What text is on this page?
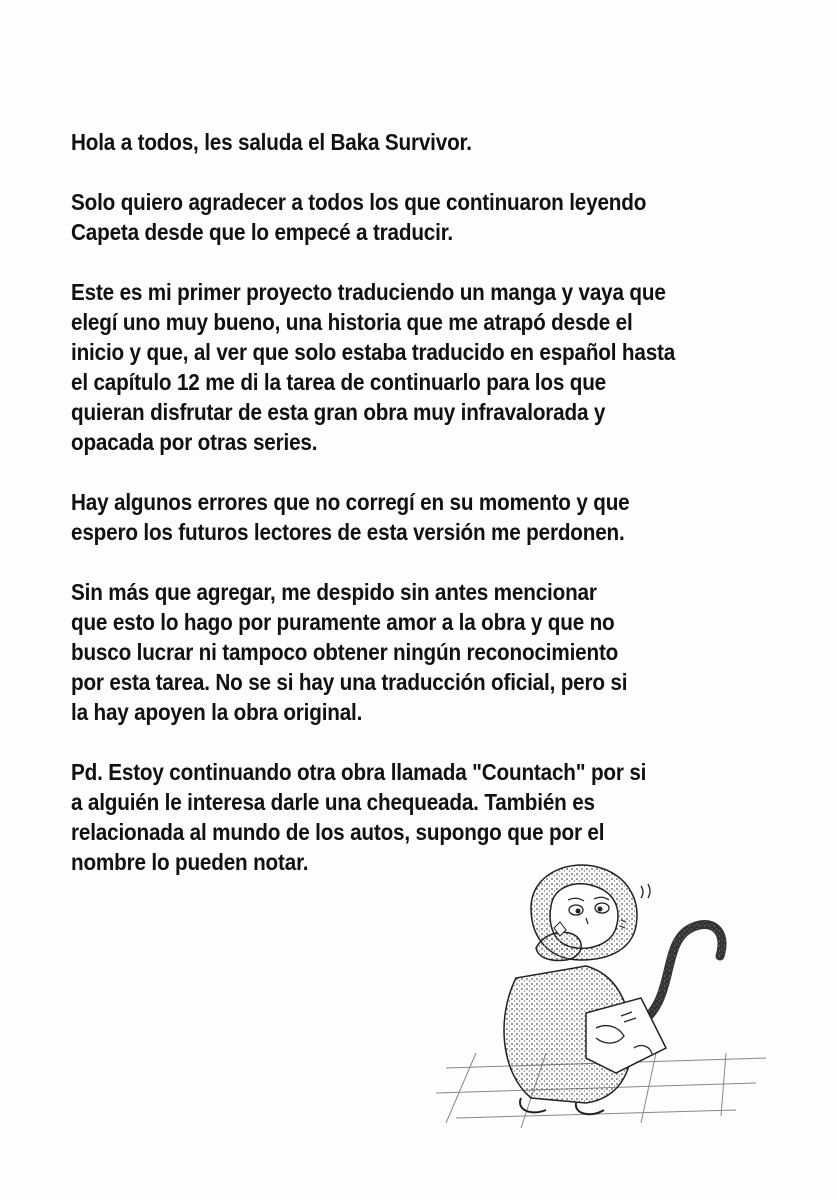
Hola a todos, les saluda el Baka Survivor.

Solo quiero agradecer a todos los que continuaron leyendo
Capeta desde que lo empecé a traducir.

Este es mi primer proyecto traduciendo un manga y vaya que
elegí uno muy bueno, una historia que me atrapó desde el
inicio y que, al ver que solo estaba traducido en español hasta
el capítulo 12 me di la tarea de continuarlo para los que
quieran disfrutar de esta gran obra muy infravalorada y
opacada por otras series.

Hay algunos errores que no corregí en su momento y que
espero los futuros lectores de esta versión me perdonen.

Sin más que agregar, me despido sin antes mencionar
que esto lo hago por puramente amor a la obra y que no
busco lucrar ni tampoco obtener ningún reconocimiento
por esta tarea. No se si hay una traducción oficial, pero si
la hay apoyen la obra original.

Pd. Estoy continuando otra obra llamada "Countach" por si
a alguién le interesa darle una chequeada. También es
relacionada al mundo de los autos, supongo que por el
nombre lo pueden notar.
